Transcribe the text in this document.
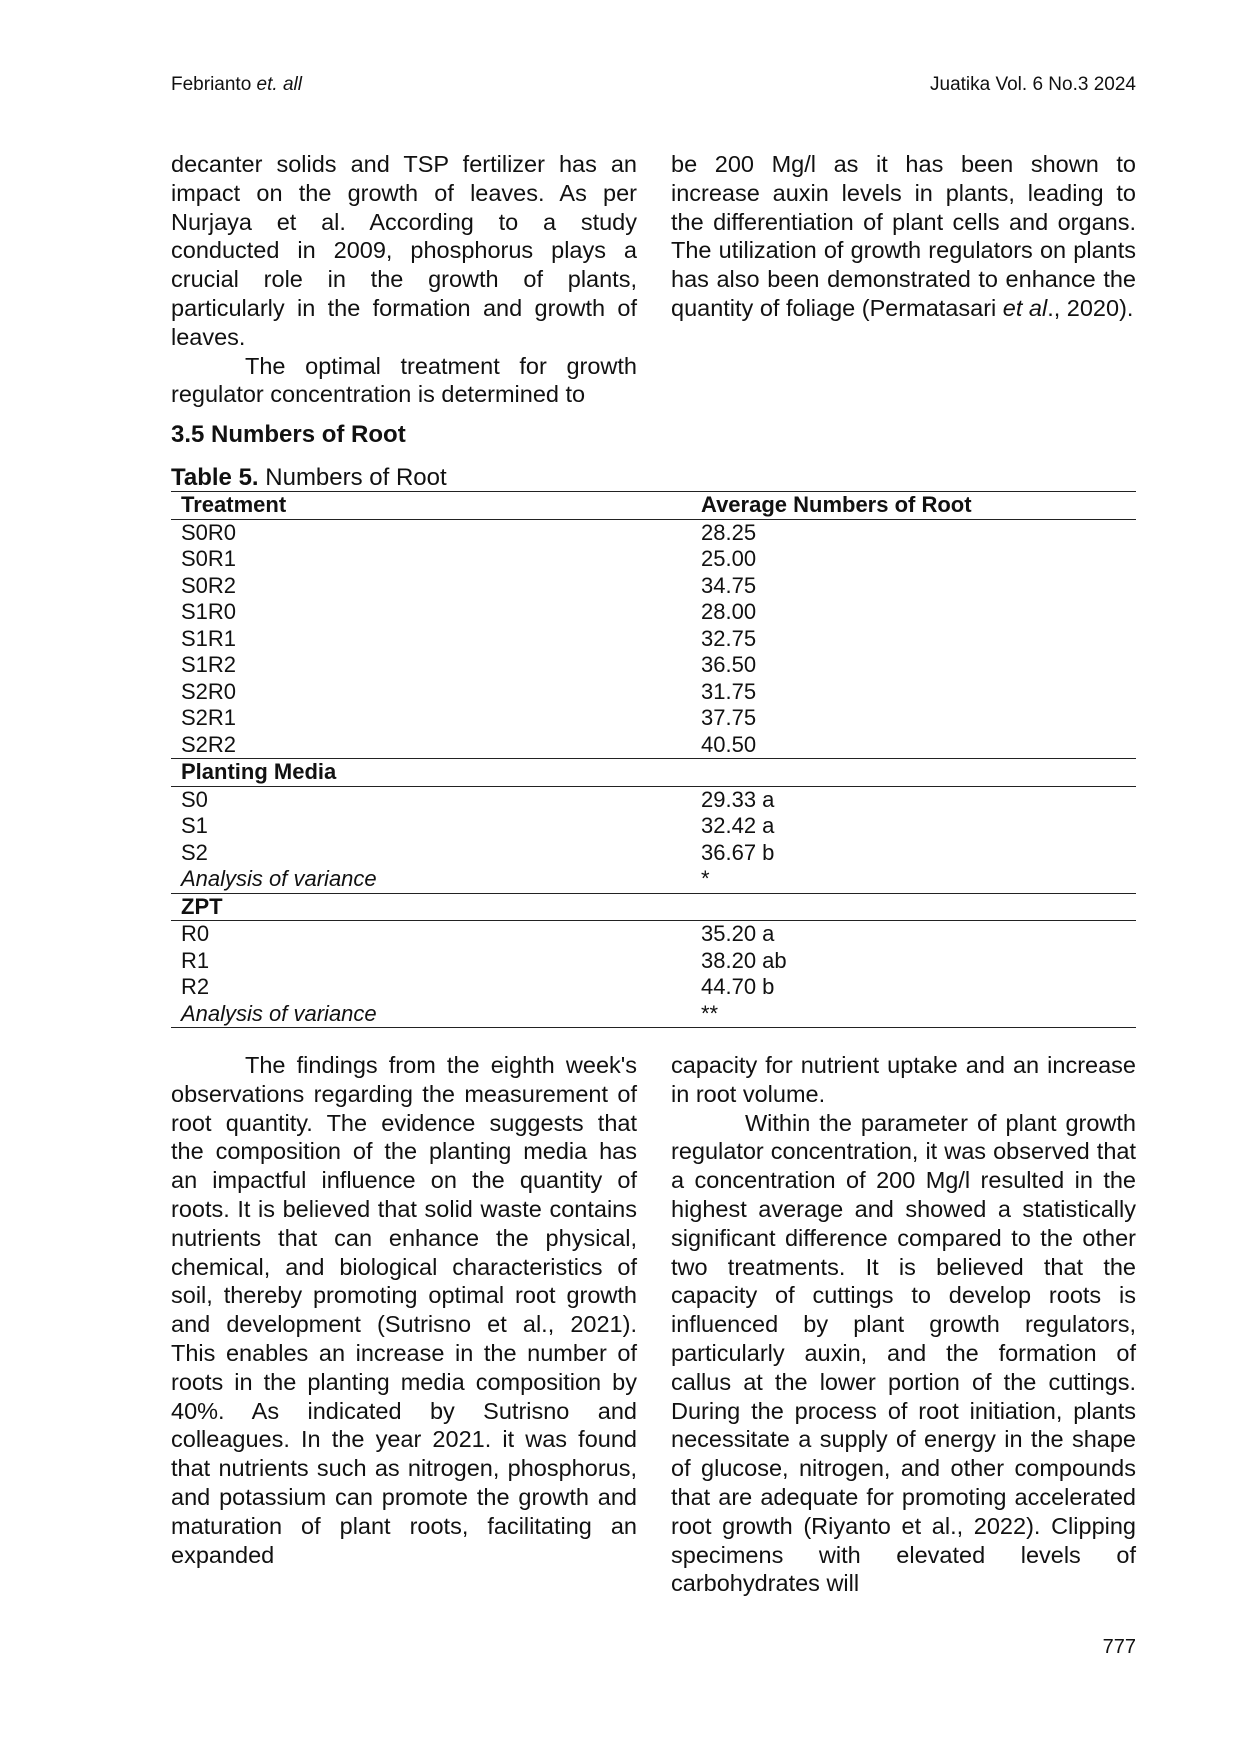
Febrianto et. all	Juatika Vol. 6 No.3 2024

decanter solids and TSP fertilizer has an impact on the growth of leaves. As per Nurjaya et al. According to a study conducted in 2009, phosphorus plays a crucial role in the growth of plants, particularly in the formation and growth of leaves.

The optimal treatment for growth regulator concentration is determined to

be 200 Mg/l as it has been shown to increase auxin levels in plants, leading to the differentiation of plant cells and organs. The utilization of growth regulators on plants has also been demonstrated to enhance the quantity of foliage (Permatasari et al., 2020).

3.5 Numbers of Root
Table 5. Numbers of Root
Treatment	Average Numbers of Root
S0R0	28.25
S0R1	25.00
S0R2	34.75
S1R0	28.00
S1R1	32.75
S1R2	36.50
S2R0	31.75
S2R1	37.75
S2R2	40.50
Planting Media	
S0	29.33 a
S1	32.42 a
S2	36.67 b
Analysis of variance	*
ZPT	
R0	35.20 a
R1	38.20 ab
R2	44.70 b
Analysis of variance	**

The findings from the eighth week's observations regarding the measurement of root quantity. The evidence suggests that the composition of the planting media has an impactful influence on the quantity of roots. It is believed that solid waste contains nutrients that can enhance the physical, chemical, and biological characteristics of soil, thereby promoting optimal root growth and development (Sutrisno et al., 2021). This enables an increase in the number of roots in the planting media composition by 40%. As indicated by Sutrisno and colleagues. In the year 2021. it was found that nutrients such as nitrogen, phosphorus, and potassium can promote the growth and maturation of plant roots, facilitating an expanded

capacity for nutrient uptake and an increase in root volume.

Within the parameter of plant growth regulator concentration, it was observed that a concentration of 200 Mg/l resulted in the highest average and showed a statistically significant difference compared to the other two treatments. It is believed that the capacity of cuttings to develop roots is influenced by plant growth regulators, particularly auxin, and the formation of callus at the lower portion of the cuttings. During the process of root initiation, plants necessitate a supply of energy in the shape of glucose, nitrogen, and other compounds that are adequate for promoting accelerated root growth (Riyanto et al., 2022). Clipping specimens with elevated levels of carbohydrates will

777
